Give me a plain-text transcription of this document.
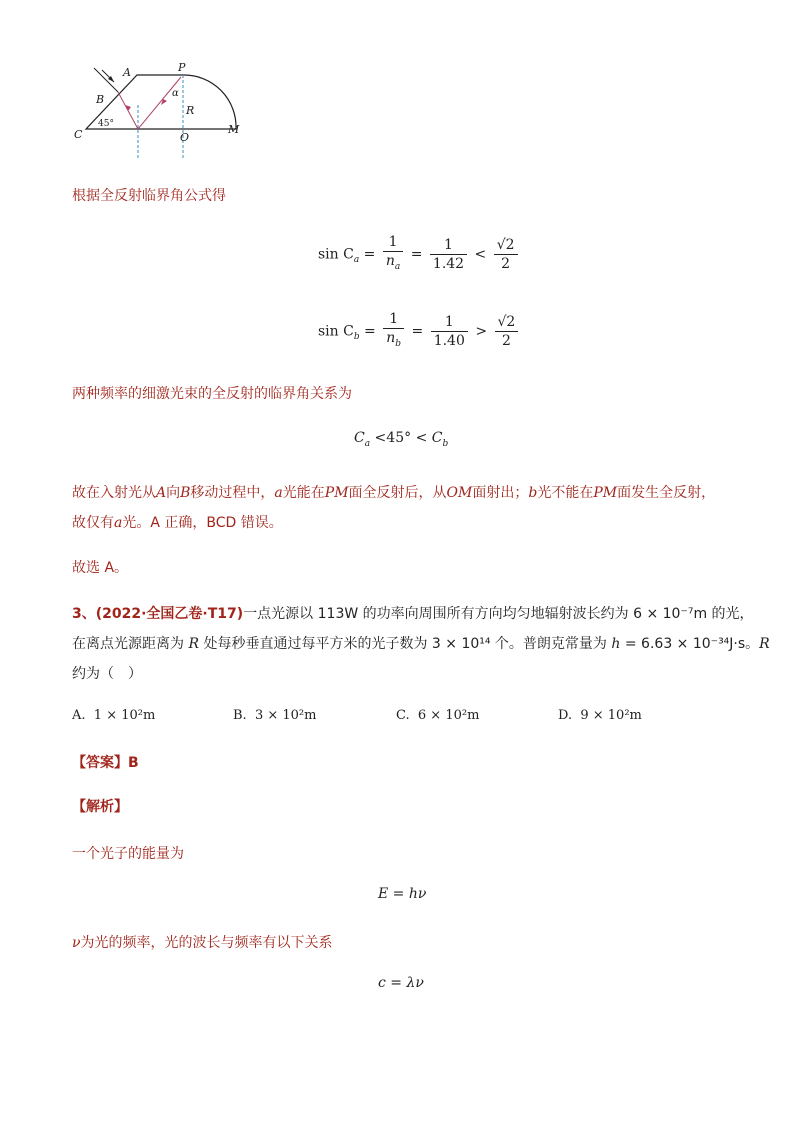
A
B
C
P
O
M
R
α
45°
根据全反射临界角公式得
$\sin C_a = \frac{1}{n_a} = \frac{1}{1.42} < \frac{√2}{2}$
$\sin C_b = \frac{1}{n_b} = \frac{1}{1.40} > \frac{√2}{2}$
两种频率的细激光束的全反射的临界角关系为
$C_a <45^\circ < C_b$
故在入射光从A向B移动过程中，a光能在PM面全反射后，从OM面射出；b光不能在PM面发生全反射，
故仅有a光。A 正确，BCD 错误。
故选 A。
3、(2022·全国乙卷·T17)一点光源以 113W 的功率向周围所有方向均匀地辐射波长约为 6 × 10⁻⁷m 的光，
在离点光源距离为 R 处每秒垂直通过每平方米的光子数为 3 × 10¹⁴ 个。普朗克常量为 h = 6.63 × 10⁻³⁴J·s。R
约为（　）
A. 1 × 10²m	B. 3 × 10²m	C. 6 × 10²m	D. 9 × 10²m
【答案】B
【解析】
一个光子的能量为
E = hν
ν为光的频率，光的波长与频率有以下关系
c = λν
